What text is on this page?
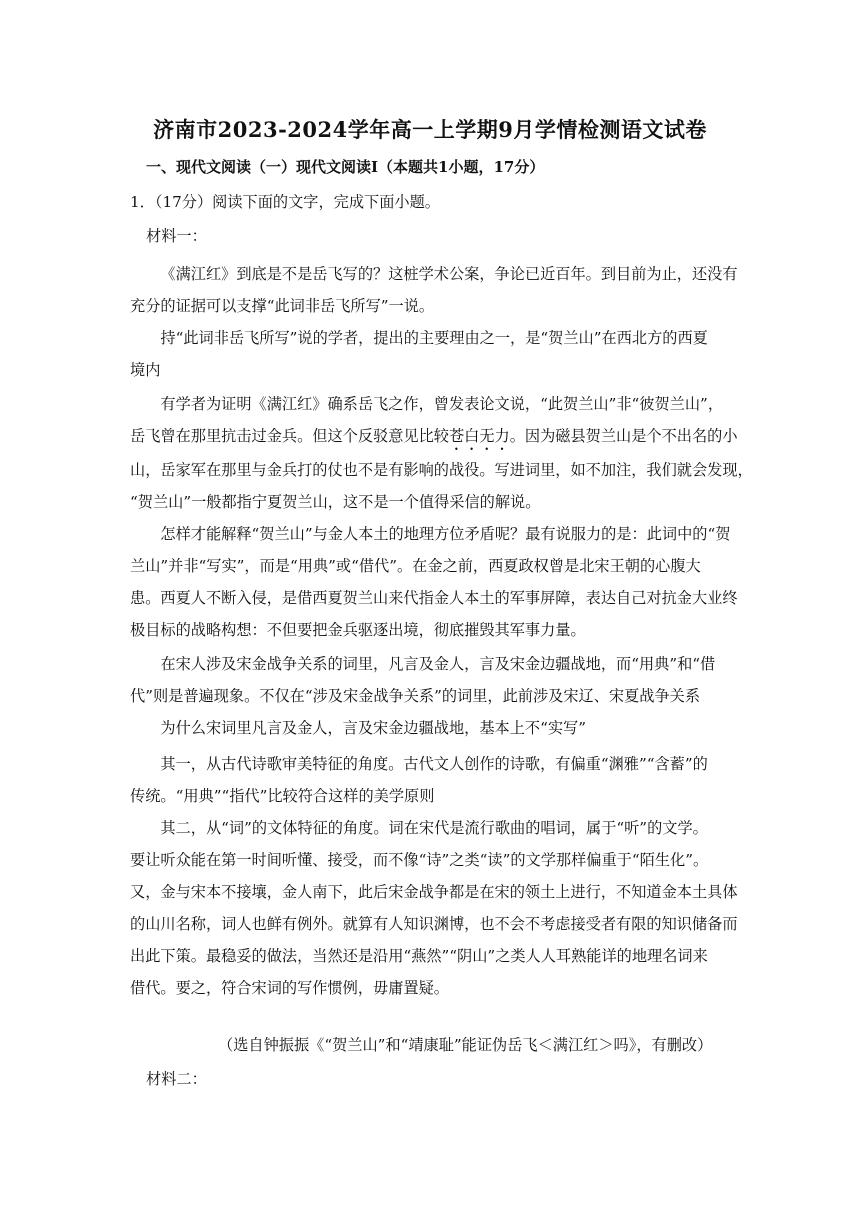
济南市2023-2024学年高一上学期9月学情检测语文试卷
一、现代文阅读（一）现代文阅读I（本题共1小题，17分）
1．（17分）阅读下面的文字，完成下面小题。
材料一：
《满江红》到底是不是岳飞写的？这桩学术公案，争论已近百年。到目前为止，还没有
充分的证据可以支撑“此词非岳飞所写”一说。
持“此词非岳飞所写”说的学者，提出的主要理由之一，是“贺兰山”在西北方的西夏
境内
有学者为证明《满江红》确系岳飞之作，曾发表论文说，“此贺兰山”非“彼贺兰山”，
岳飞曾在那里抗击过金兵。但这个反驳意见比较苍白无力。因为磁县贺兰山是个不出名的小
山，岳家军在那里与金兵打的仗也不是有影响的战役。写进词里，如不加注，我们就会发现，
“贺兰山”一般都指宁夏贺兰山，这不是一个值得采信的解说。
怎样才能解释“贺兰山”与金人本土的地理方位矛盾呢？最有说服力的是：此词中的“贺
兰山”并非“写实”，而是“用典”或“借代”。在金之前，西夏政权曾是北宋王朝的心腹大
患。西夏人不断入侵，是借西夏贺兰山来代指金人本土的军事屏障，表达自己对抗金大业终
极目标的战略构想：不但要把金兵驱逐出境，彻底摧毁其军事力量。
在宋人涉及宋金战争关系的词里，凡言及金人，言及宋金边疆战地，而“用典”和“借
代”则是普遍现象。不仅在“涉及宋金战争关系”的词里，此前涉及宋辽、宋夏战争关系
为什么宋词里凡言及金人，言及宋金边疆战地，基本上不“实写”
其一，从古代诗歌审美特征的角度。古代文人创作的诗歌，有偏重“渊雅”“含蓄”的
传统。“用典”“指代”比较符合这样的美学原则
其二，从“词”的文体特征的角度。词在宋代是流行歌曲的唱词，属于“听”的文学。
要让听众能在第一时间听懂、接受，而不像“诗”之类“读”的文学那样偏重于“陌生化”。
又，金与宋本不接壤，金人南下，此后宋金战争都是在宋的领土上进行，不知道金本土具体
的山川名称，词人也鲜有例外。就算有人知识渊博，也不会不考虑接受者有限的知识储备而
出此下策。最稳妥的做法，当然还是沿用“燕然”“阴山”之类人人耳熟能详的地理名词来
借代。要之，符合宋词的写作惯例，毋庸置疑。
（选自钟振振《“贺兰山”和“靖康耻”能证伪岳飞＜满江红＞吗》，有删改）
材料二：
